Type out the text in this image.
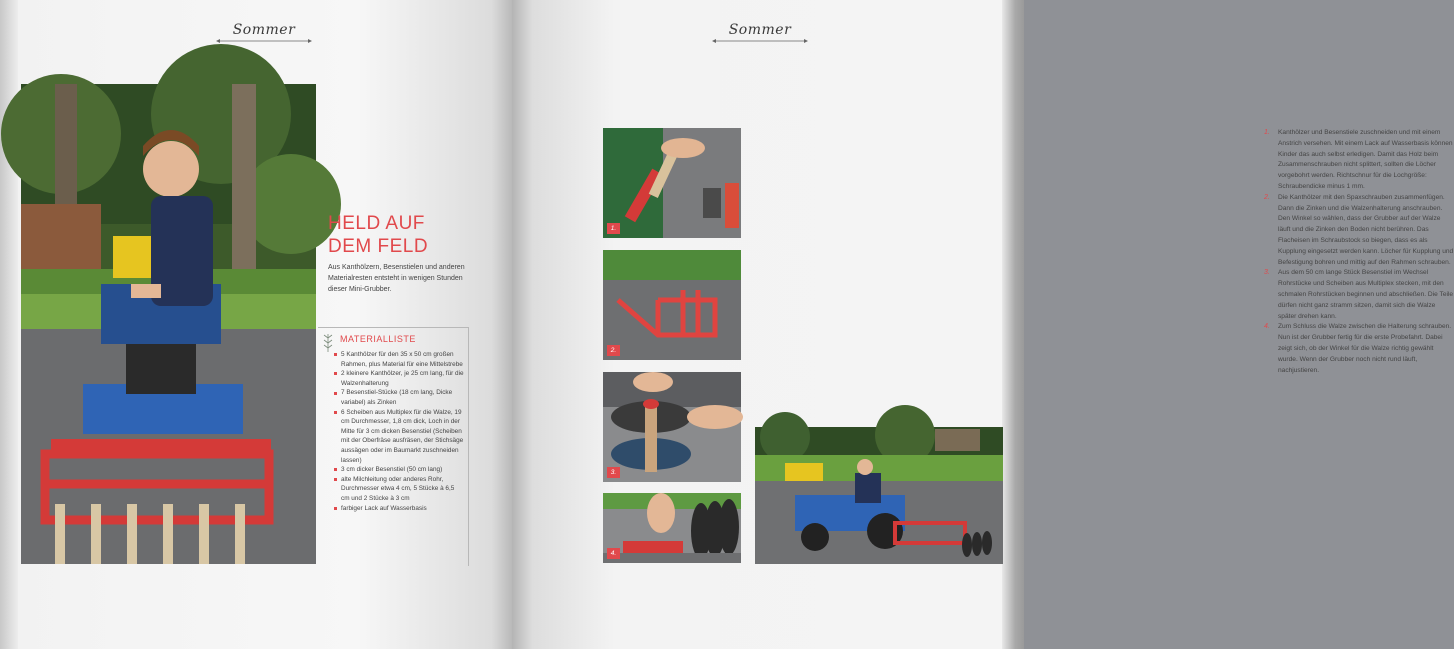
Sommer
HELD AUF
DEM FELD
Aus Kanthölzern, Besenstielen und anderen Materialresten entsteht in wenigen Stunden dieser Mini-Grubber.
MATERIALLISTE
5 Kanthölzer für den 35 x 50 cm großen Rahmen, plus Material für eine Mittelstrebe
2 kleinere Kanthölzer, je 25 cm lang, für die Walzenhalterung
7 Besenstiel-Stücke (18 cm lang, Dicke variabel) als Zinken
6 Scheiben aus Multiplex für die Walze, 19 cm Durchmesser, 1,8 cm dick, Loch in der Mitte für 3 cm dicken Besenstiel (Scheiben mit der Oberfräse ausfräsen, der Stichsäge aussägen oder im Baumarkt zuschneiden lassen)
3 cm dicker Besenstiel (50 cm lang)
alte Milchleitung oder anderes Rohr, Durchmesser etwa 4 cm, 5 Stücke à 6,5 cm und 2 Stücke à 3 cm
farbiger Lack auf Wasserbasis
Sommer
1.
2.
3.
4.
1. Kanthölzer und Besenstiele zuschneiden und mit einem Anstrich versehen. Mit einem Lack auf Wasserbasis können Kinder das auch selbst erledigen. Damit das Holz beim Zusammenschrauben nicht splittert, sollten die Löcher vorgebohrt werden. Richtschnur für die Lochgröße: Schraubendicke minus 1 mm.
2. Die Kanthölzer mit den Spaxschrauben zusammenfügen. Dann die Zinken und die Walzenhalterung anschrauben. Den Winkel so wählen, dass der Grubber auf der Walze läuft und die Zinken den Boden nicht berühren. Das Flacheisen im Schraubstock so biegen, dass es als Kupplung eingesetzt werden kann. Löcher für Kupplung und Befestigung bohren und mittig auf den Rahmen schrauben.
3. Aus dem 50 cm lange Stück Besenstiel im Wechsel Rohrstücke und Scheiben aus Multiplex stecken, mit den schmalen Rohrstücken beginnen und abschließen. Die Teile dürfen nicht ganz stramm sitzen, damit sich die Walze später drehen kann.
4. Zum Schluss die Walze zwischen die Halterung schrauben. Nun ist der Grubber fertig für die erste Probefahrt. Dabei zeigt sich, ob der Winkel für die Walze richtig gewählt wurde. Wenn der Grubber noch nicht rund läuft, nachjustieren.
